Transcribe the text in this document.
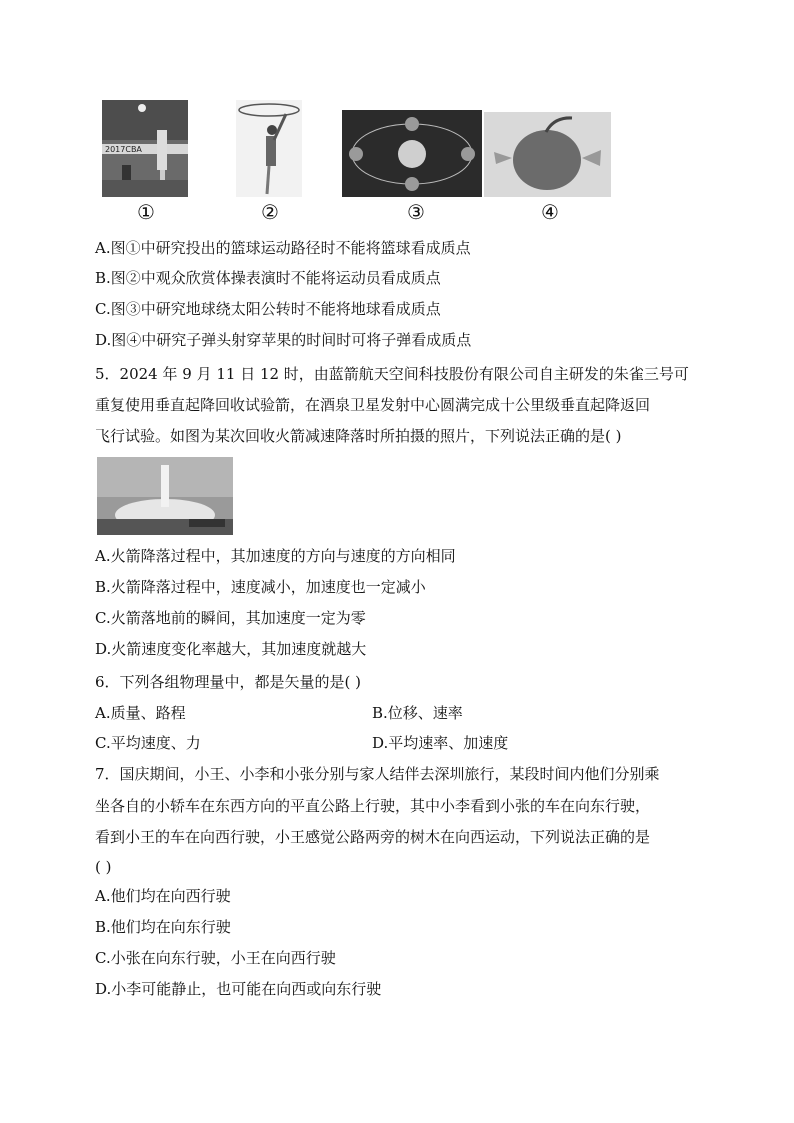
2017CBA
①	②	③	④
A.图①中研究投出的篮球运动路径时不能将篮球看成质点
B.图②中观众欣赏体操表演时不能将运动员看成质点
C.图③中研究地球绕太阳公转时不能将地球看成质点
D.图④中研究子弹头射穿苹果的时间时可将子弹看成质点
5．2024 年 9 月 11 日 12 时，由蓝箭航天空间科技股份有限公司自主研发的朱雀三号可
重复使用垂直起降回收试验箭，在酒泉卫星发射中心圆满完成十公里级垂直起降返回
飞行试验。如图为某次回收火箭减速降落时所拍摄的照片，下列说法正确的是( )
A.火箭降落过程中，其加速度的方向与速度的方向相同
B.火箭降落过程中，速度减小，加速度也一定减小
C.火箭落地前的瞬间，其加速度一定为零
D.火箭速度变化率越大，其加速度就越大
6．下列各组物理量中，都是矢量的是( )
A.质量、路程	B.位移、速率
C.平均速度、力	D.平均速率、加速度
7．国庆期间，小王、小李和小张分别与家人结伴去深圳旅行，某段时间内他们分别乘
坐各自的小轿车在东西方向的平直公路上行驶，其中小李看到小张的车在向东行驶，
看到小王的车在向西行驶，小王感觉公路两旁的树木在向西运动，下列说法正确的是
( )
A.他们均在向西行驶
B.他们均在向东行驶
C.小张在向东行驶，小王在向西行驶
D.小李可能静止，也可能在向西或向东行驶
